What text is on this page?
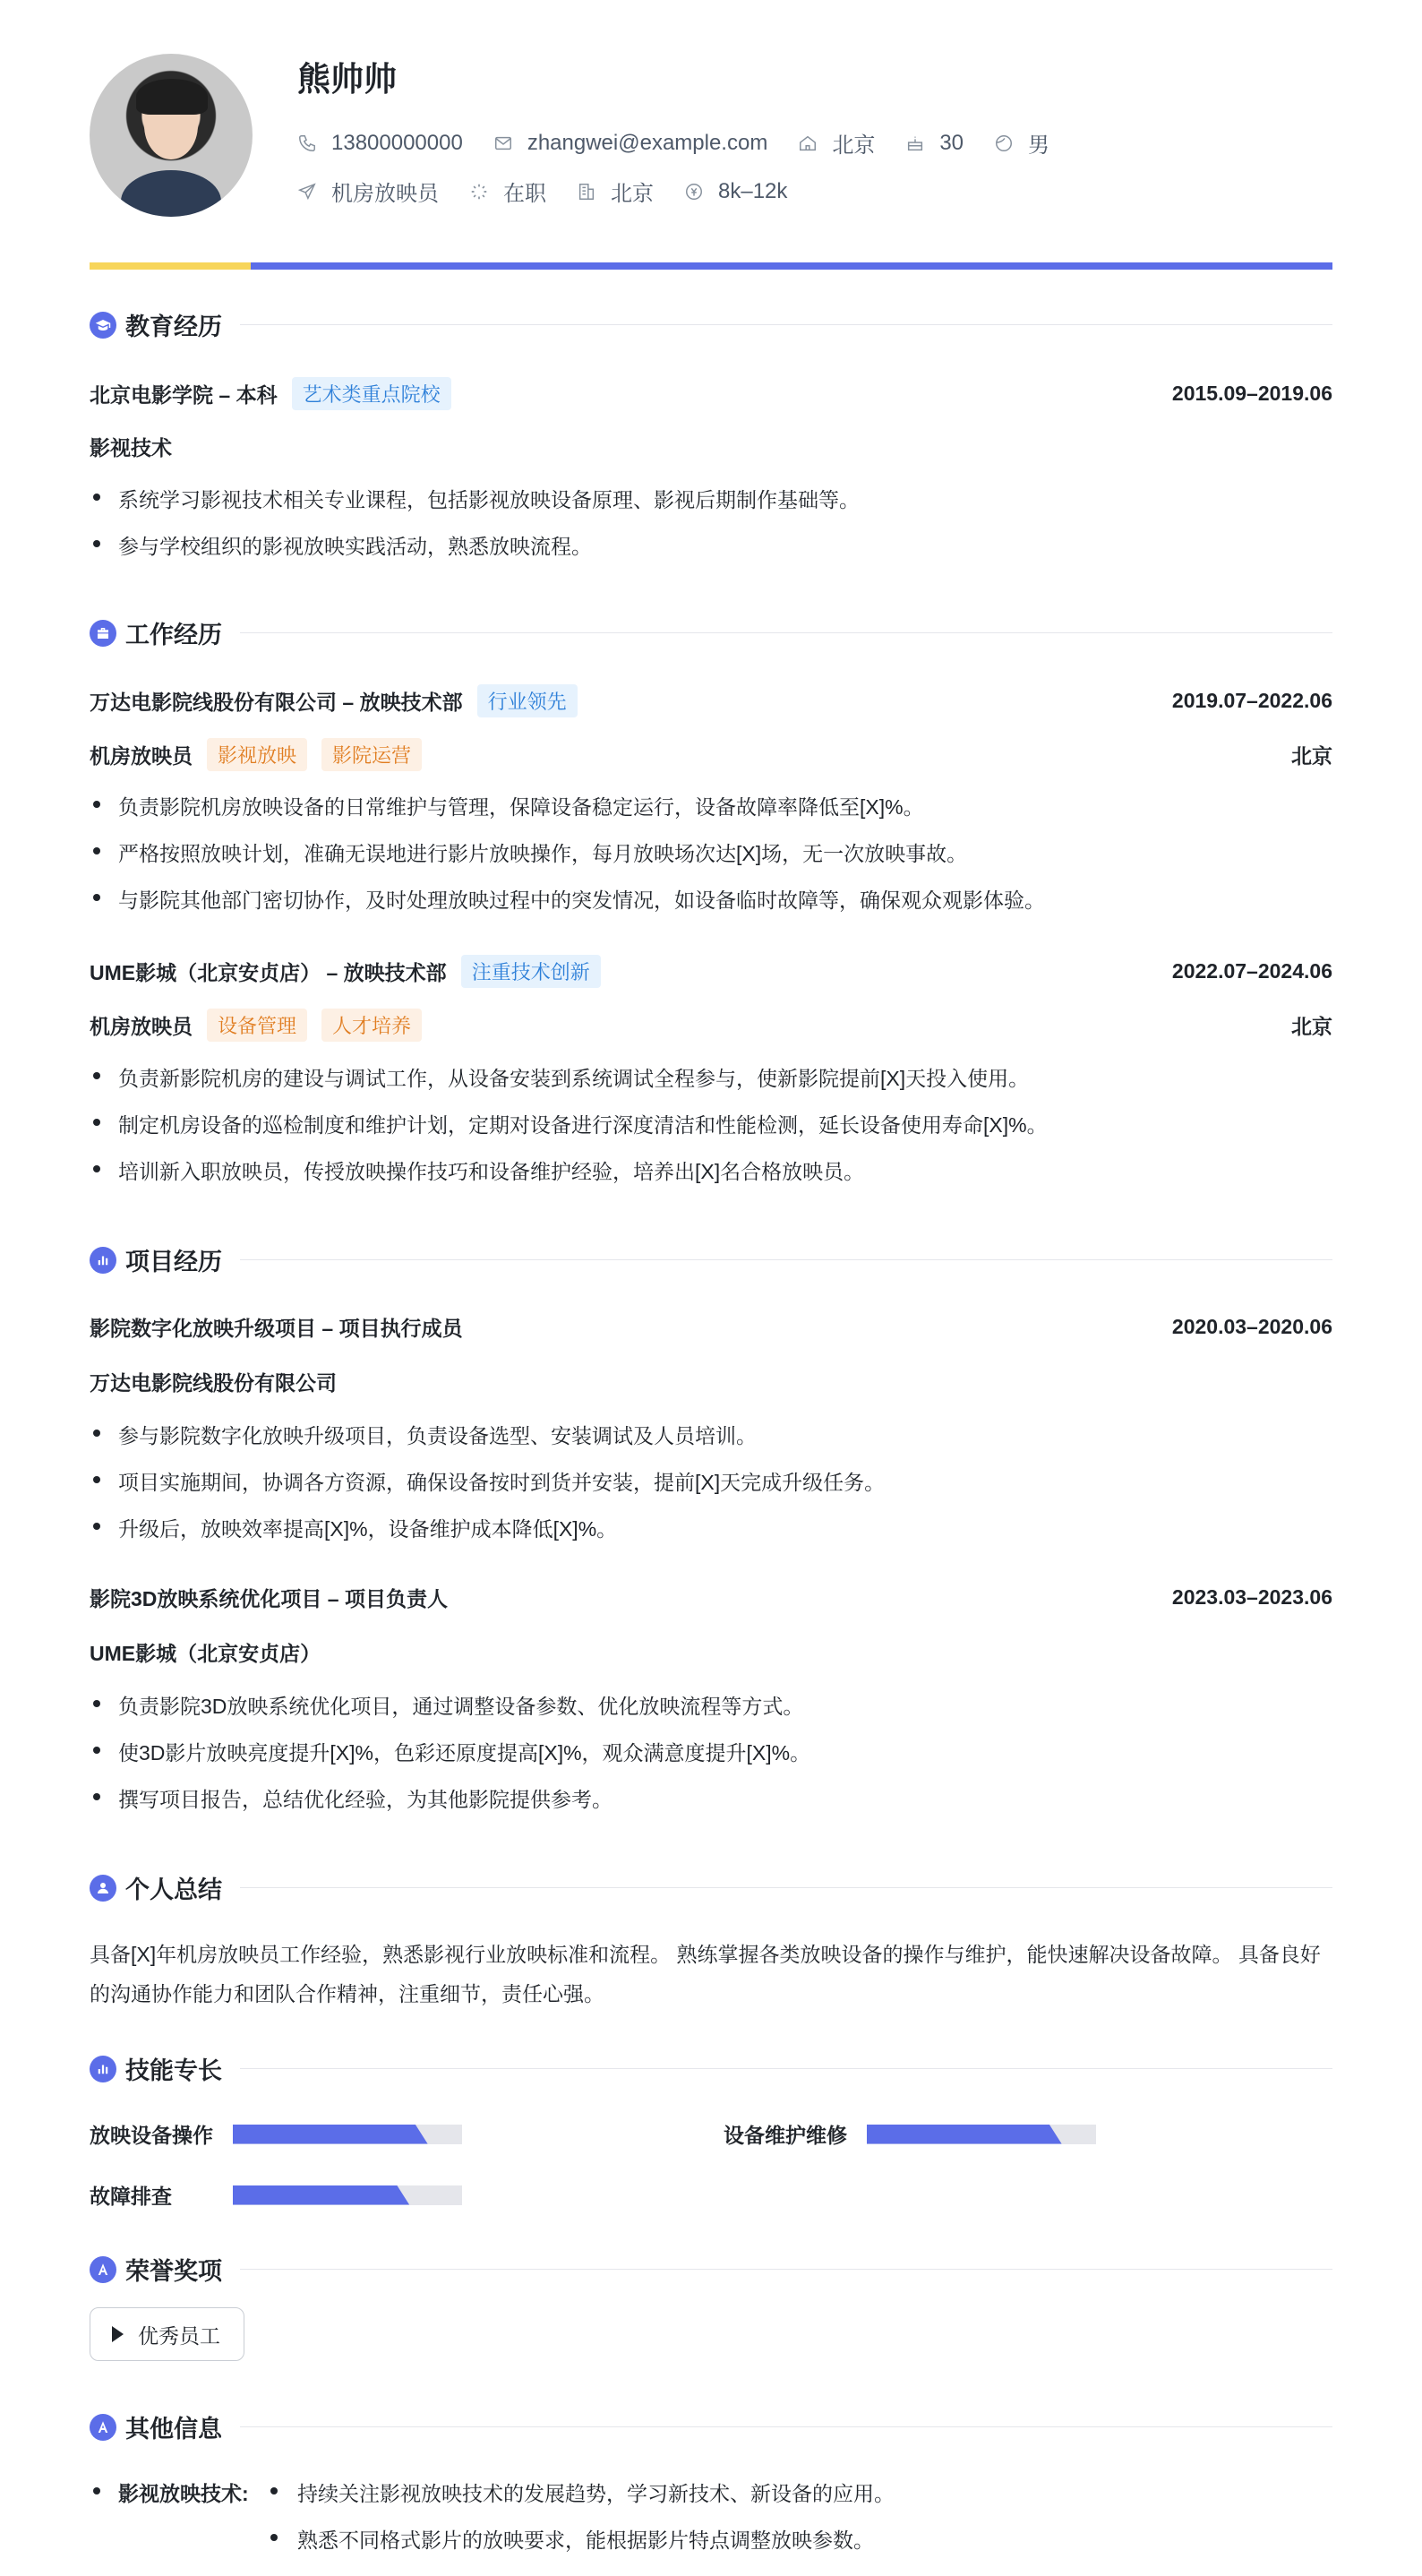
熊帅帅
13800000000	zhangwei@example.com	北京	30	男
机房放映员	在职	北京	8k–12k
教育经历
北京电影学院 – 本科	艺术类重点院校	2015.09–2019.06
影视技术
系统学习影视技术相关专业课程，包括影视放映设备原理、影视后期制作基础等。
参与学校组织的影视放映实践活动，熟悉放映流程。
工作经历
万达电影院线股份有限公司 – 放映技术部	行业领先	2019.07–2022.06
机房放映员	影视放映	影院运营	北京
负责影院机房放映设备的日常维护与管理，保障设备稳定运行，设备故障率降低至[X]%。
严格按照放映计划，准确无误地进行影片放映操作，每月放映场次达[X]场，无一次放映事故。
与影院其他部门密切协作，及时处理放映过程中的突发情况，如设备临时故障等，确保观众观影体验。
UME影城（北京安贞店） – 放映技术部	注重技术创新	2022.07–2024.06
机房放映员	设备管理	人才培养	北京
负责新影院机房的建设与调试工作，从设备安装到系统调试全程参与，使新影院提前[X]天投入使用。
制定机房设备的巡检制度和维护计划，定期对设备进行深度清洁和性能检测，延长设备使用寿命[X]%。
培训新入职放映员，传授放映操作技巧和设备维护经验，培养出[X]名合格放映员。
项目经历
影院数字化放映升级项目 – 项目执行成员	2020.03–2020.06
万达电影院线股份有限公司
参与影院数字化放映升级项目，负责设备选型、安装调试及人员培训。
项目实施期间，协调各方资源，确保设备按时到货并安装，提前[X]天完成升级任务。
升级后，放映效率提高[X]%，设备维护成本降低[X]%。
影院3D放映系统优化项目 – 项目负责人	2023.03–2023.06
UME影城（北京安贞店）
负责影院3D放映系统优化项目，通过调整设备参数、优化放映流程等方式。
使3D影片放映亮度提升[X]%，色彩还原度提高[X]%，观众满意度提升[X]%。
撰写项目报告，总结优化经验，为其他影院提供参考。
个人总结
具备[X]年机房放映员工作经验，熟悉影视行业放映标准和流程。 熟练掌握各类放映设备的操作与维护，能快速解决设备故障。 具备良好的沟通协作能力和团队合作精神，注重细节，责任心强。
技能专长
放映设备操作	设备维护维修
故障排查
荣誉奖项
优秀员工
其他信息
影视放映技术:	持续关注影视放映技术的发展趋势，学习新技术、新设备的应用。
熟悉不同格式影片的放映要求，能根据影片特点调整放映参数。
